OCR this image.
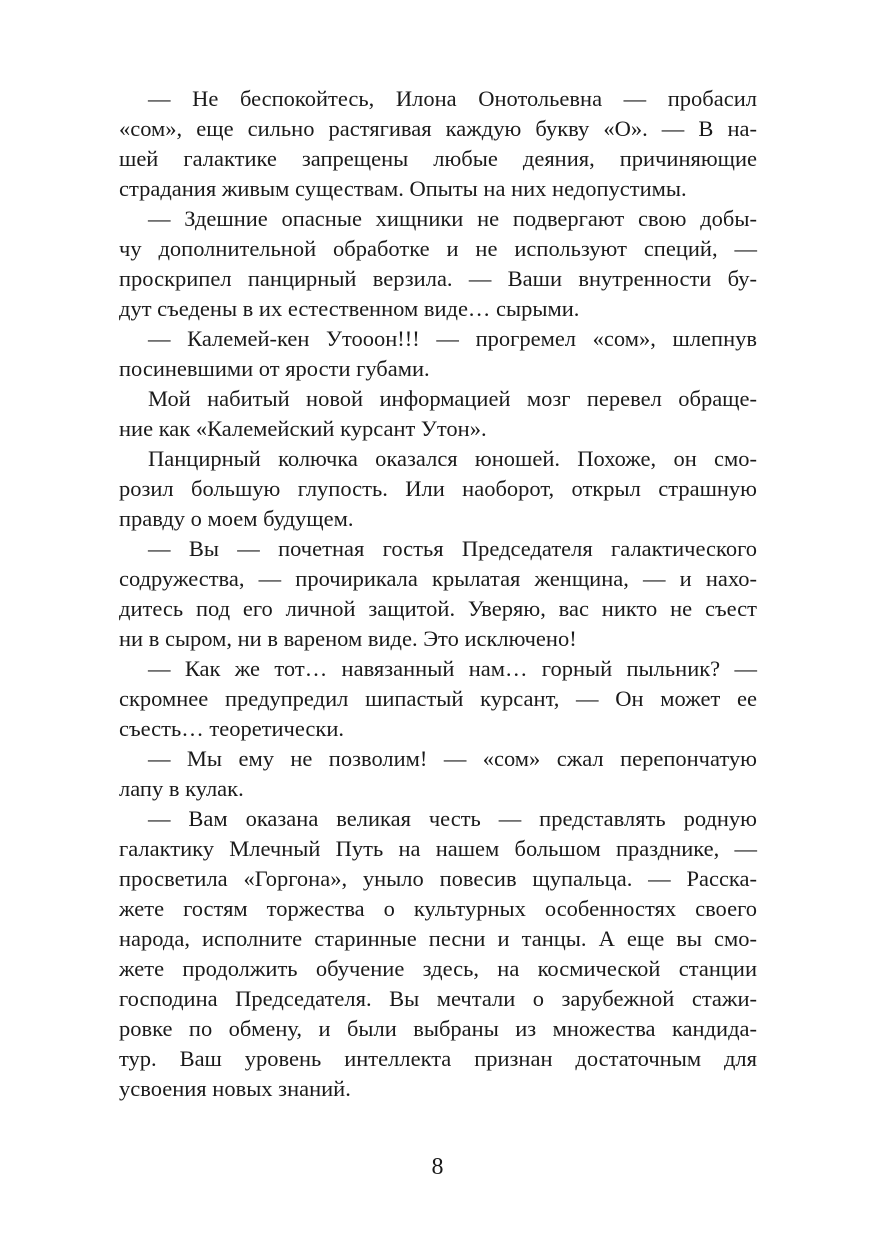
— Не беспокойтесь, Илона Онотольевна — пробасил
«сом», еще сильно растягивая каждую букву «О». — В на-
шей галактике запрещены любые деяния, причиняющие
страдания живым существам. Опыты на них недопустимы.
— Здешние опасные хищники не подвергают свою добы-
чу дополнительной обработке и не используют специй, —
проскрипел панцирный верзила. — Ваши внутренности бу-
дут съедены в их естественном виде… сырыми.
— Калемей-кен Утооон!!! — прогремел «сом», шлепнув
посиневшими от ярости губами.
Мой набитый новой информацией мозг перевел обраще-
ние как «Калемейский курсант Утон».
Панцирный колючка оказался юношей. Похоже, он смо-
розил большую глупость. Или наоборот, открыл страшную
правду о моем будущем.
— Вы — почетная гостья Председателя галактического
содружества, — прочирикала крылатая женщина, — и нахо-
дитесь под его личной защитой. Уверяю, вас никто не съест
ни в сыром, ни в вареном виде. Это исключено!
— Как же тот… навязанный нам… горный пыльник? —
скромнее предупредил шипастый курсант, — Он может ее
съесть… теоретически.
— Мы ему не позволим! — «сом» сжал перепончатую
лапу в кулак.
— Вам оказана великая честь — представлять родную
галактику Млечный Путь на нашем большом празднике, —
просветила «Горгона», уныло повесив щупальца. — Расска-
жете гостям торжества о культурных особенностях своего
народа, исполните старинные песни и танцы. А еще вы смо-
жете продолжить обучение здесь, на космической станции
господина Председателя. Вы мечтали о зарубежной стажи-
ровке по обмену, и были выбраны из множества кандида-
тур. Ваш уровень интеллекта признан достаточным для
усвоения новых знаний.
8
